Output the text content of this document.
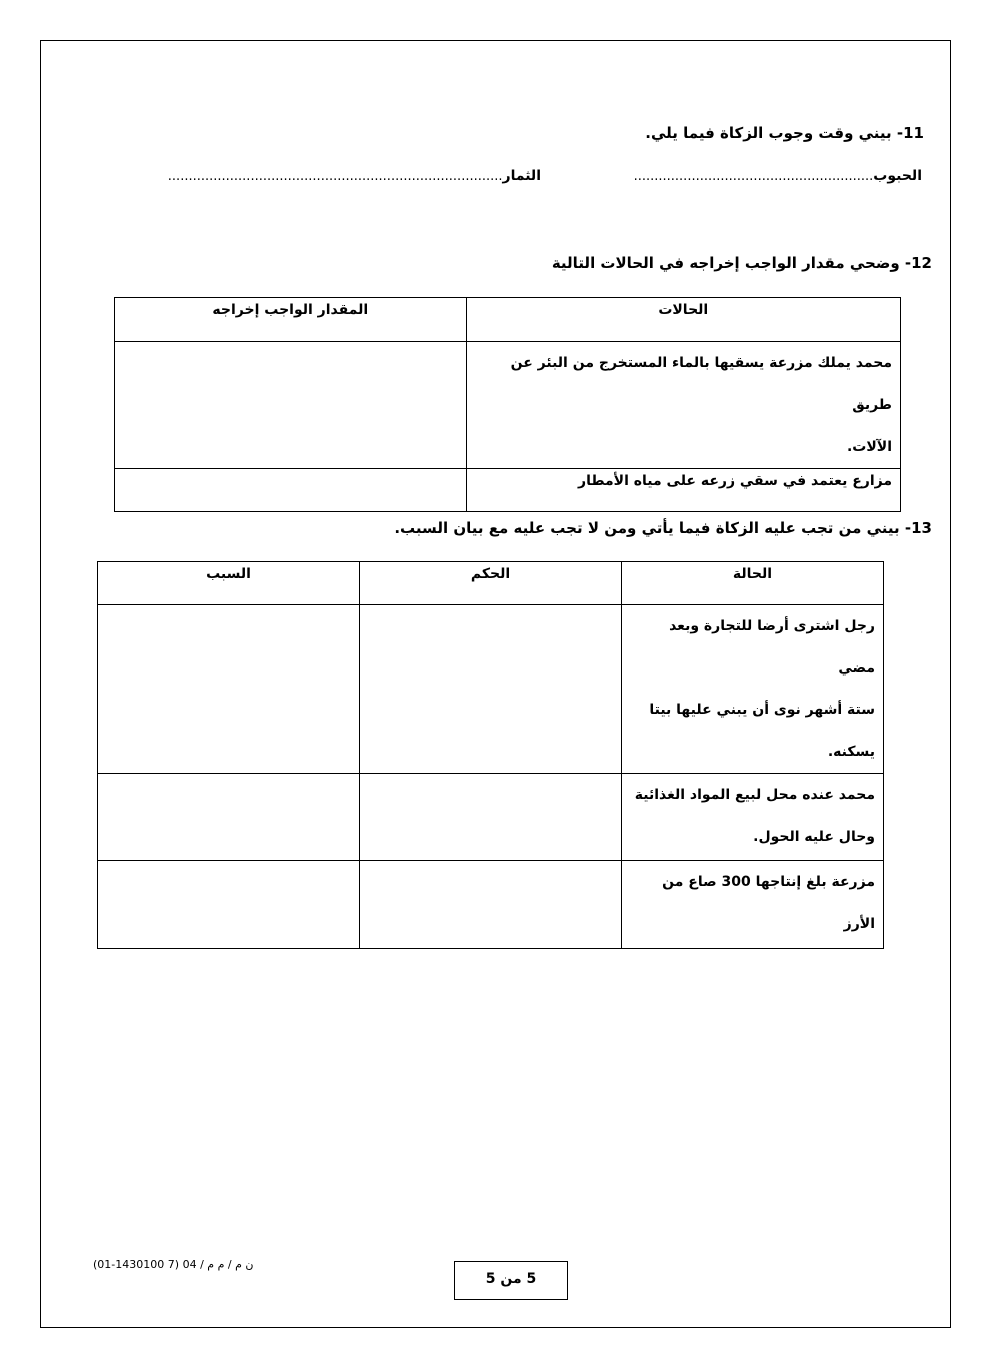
11- بيني وقت وجوب الزكاة فيما يلي.
الحبوب..........................................................
الثمار.................................................................................
12- وضحي مقدار الواجب إخراجه في الحالات التالية
الحالات	المقدار الواجب إخراجه

محمد يملك مزرعة يسقيها بالماء المستخرج من البئر عن طريق
الآلات.	

مزارع يعتمد في سقي زرعه على مياه الأمطار	

13- بيني من تجب عليه الزكاة فيما يأتي ومن لا تجب عليه مع بيان السبب.
الحالة	الحكم	السبب

رجل اشترى أرضا للتجارة وبعد مضي
ستة أشهر نوى أن يبني عليها بيتا
يسكنه.		

محمد عنده محل لبيع المواد الغذائية
وحال عليه الحول.		

مزرعة بلغ إنتاجها 300 صاع من
الأرز		

ن م / م م / 04 (7 1430100-01)
5 من 5
